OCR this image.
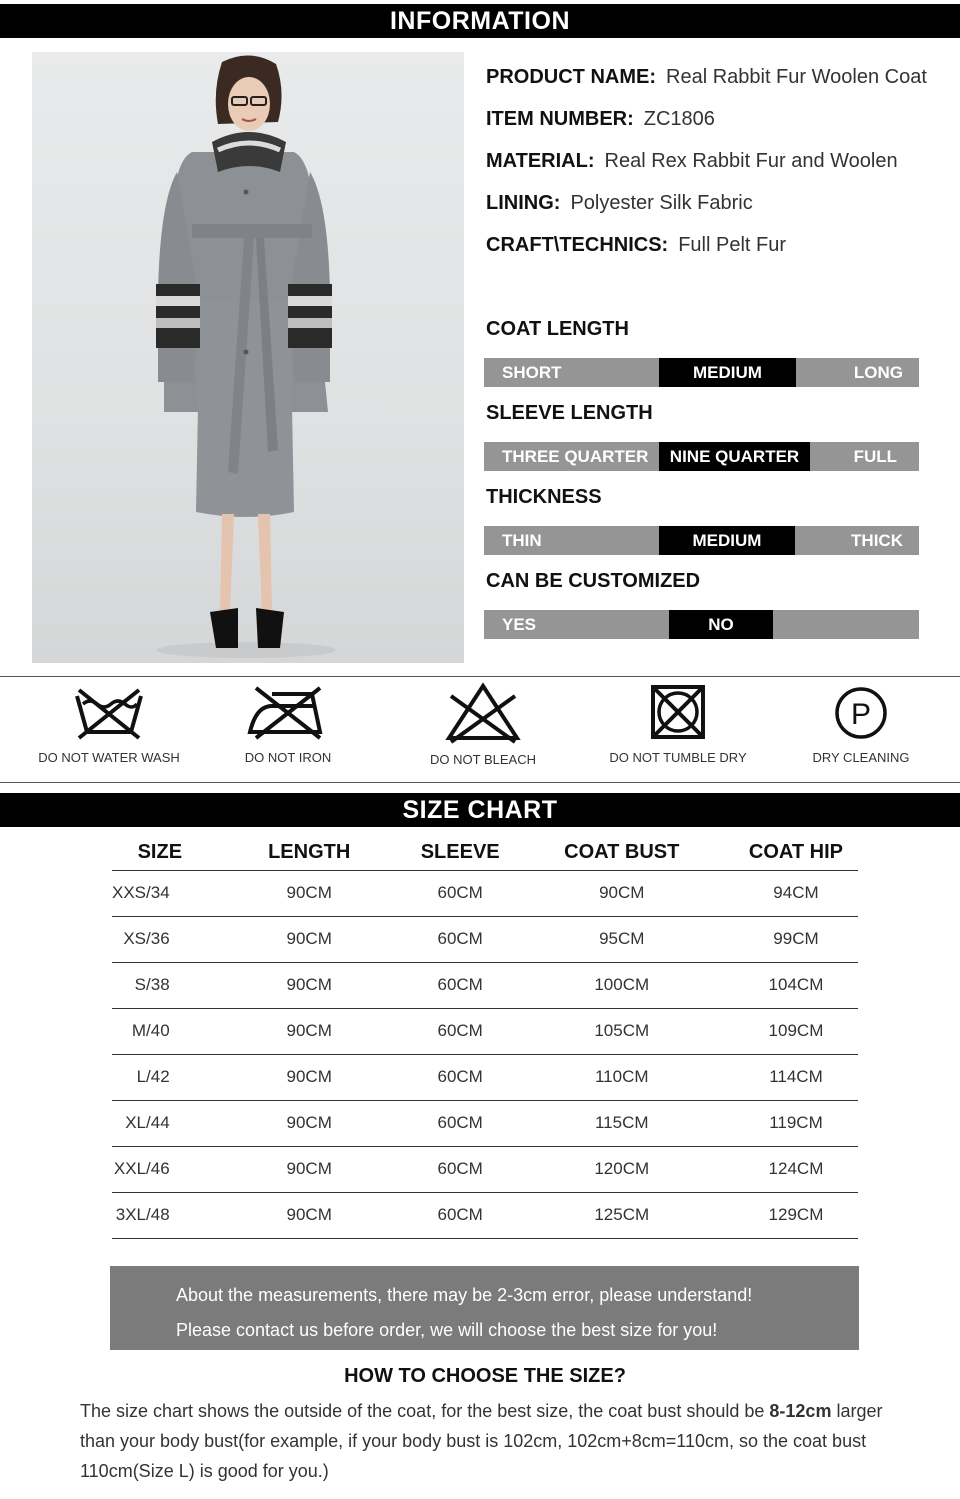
INFORMATION
PRODUCT NAME: Real Rabbit Fur Woolen Coat
ITEM NUMBER: ZC1806
MATERIAL: Real Rex Rabbit Fur and Woolen
LINING: Polyester Silk Fabric
CRAFT\TECHNICS: Full Pelt Fur
COAT LENGTH
SHORT	MEDIUM	LONG
SLEEVE LENGTH
THREE QUARTER	NINE QUARTER	FULL
THICKNESS
THIN	MEDIUM	THICK
CAN BE CUSTOMIZED
YES	NO
DO NOT WATER WASH	DO NOT IRON	DO NOT BLEACH	DO NOT TUMBLE DRY
P
DRY CLEANING
SIZE CHART
SIZE	LENGTH	SLEEVE	COAT BUST	COAT HIP
XXS/34	90CM	60CM	90CM	94CM
XS/36	90CM	60CM	95CM	99CM
S/38	90CM	60CM	100CM	104CM
M/40	90CM	60CM	105CM	109CM
L/42	90CM	60CM	110CM	114CM
XL/44	90CM	60CM	115CM	119CM
XXL/46	90CM	60CM	120CM	124CM
3XL/48	90CM	60CM	125CM	129CM
About the measurements, there may be 2-3cm error, please understand!
Please contact us before order, we will choose the best size for you!
HOW TO CHOOSE THE SIZE?
The size chart shows the outside of the coat, for the best size, the coat bust should be 8-12cm larger than your body bust(for example, if your body bust is 102cm, 102cm+8cm=110cm, so the coat bust 110cm(Size L) is good for you.)
